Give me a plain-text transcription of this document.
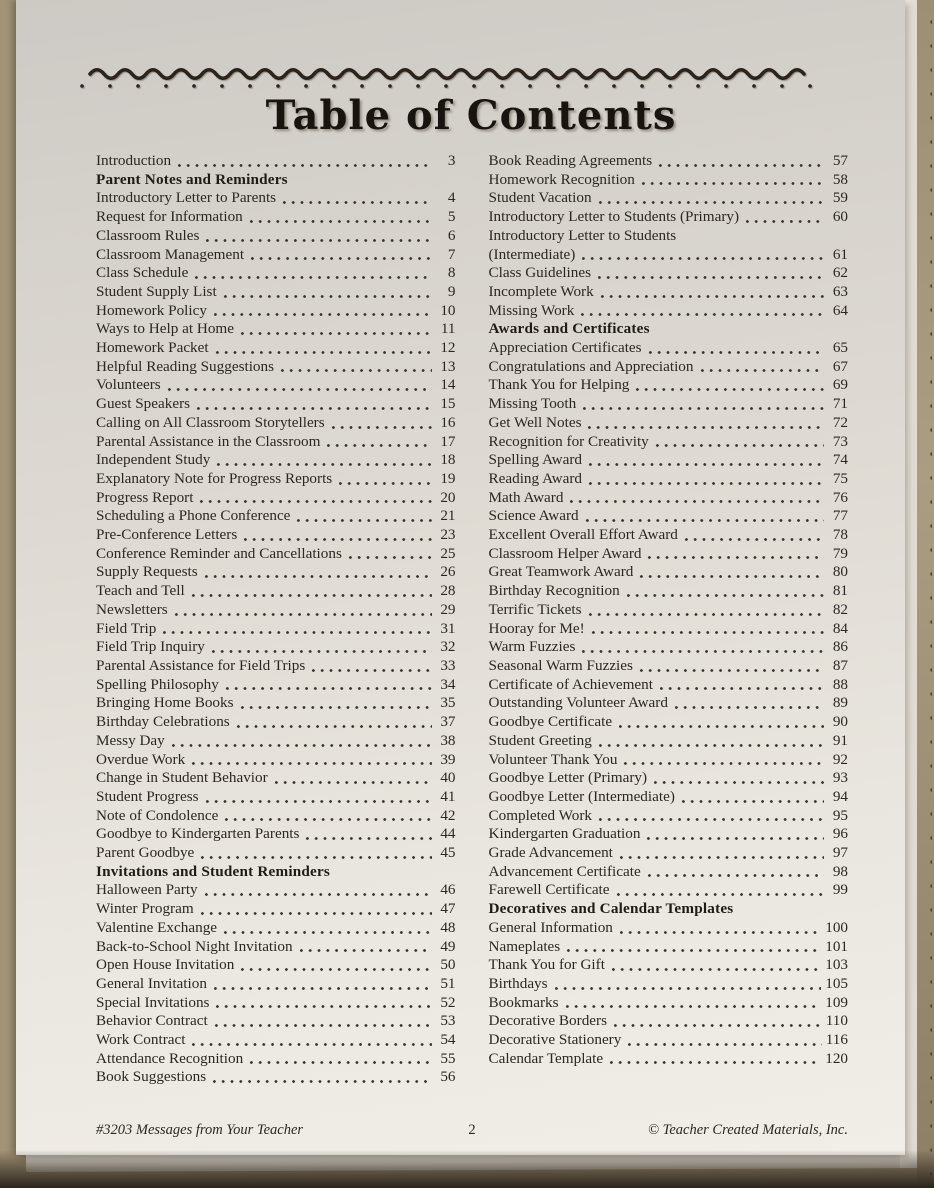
Table of Contents
Introduction	3
Parent Notes and Reminders
Introductory Letter to Parents	4
Request for Information	5
Classroom Rules	6
Classroom Management	7
Class Schedule	8
Student Supply List	9
Homework Policy	10
Ways to Help at Home	11
Homework Packet	12
Helpful Reading Suggestions	13
Volunteers	14
Guest Speakers	15
Calling on All Classroom Storytellers	16
Parental Assistance in the Classroom	17
Independent Study	18
Explanatory Note for Progress Reports	19
Progress Report	20
Scheduling a Phone Conference	21
Pre-Conference Letters	23
Conference Reminder and Cancellations	25
Supply Requests	26
Teach and Tell	28
Newsletters	29
Field Trip	31
Field Trip Inquiry	32
Parental Assistance for Field Trips	33
Spelling Philosophy	34
Bringing Home Books	35
Birthday Celebrations	37
Messy Day	38
Overdue Work	39
Change in Student Behavior	40
Student Progress	41
Note of Condolence	42
Goodbye to Kindergarten Parents	44
Parent Goodbye	45
Invitations and Student Reminders
Halloween Party	46
Winter Program	47
Valentine Exchange	48
Back-to-School Night Invitation	49
Open House Invitation	50
General Invitation	51
Special Invitations	52
Behavior Contract	53
Work Contract	54
Attendance Recognition	55
Book Suggestions	56
Book Reading Agreements	57
Homework Recognition	58
Student Vacation	59
Introductory Letter to Students (Primary)	60
Introductory Letter to Students
(Intermediate)	61
Class Guidelines	62
Incomplete Work	63
Missing Work	64
Awards and Certificates
Appreciation Certificates	65
Congratulations and Appreciation	67
Thank You for Helping	69
Missing Tooth	71
Get Well Notes	72
Recognition for Creativity	73
Spelling Award	74
Reading Award	75
Math Award	76
Science Award	77
Excellent Overall Effort Award	78
Classroom Helper Award	79
Great Teamwork Award	80
Birthday Recognition	81
Terrific Tickets	82
Hooray for Me!	84
Warm Fuzzies	86
Seasonal Warm Fuzzies	87
Certificate of Achievement	88
Outstanding Volunteer Award	89
Goodbye Certificate	90
Student Greeting	91
Volunteer Thank You	92
Goodbye Letter (Primary)	93
Goodbye Letter (Intermediate)	94
Completed Work	95
Kindergarten Graduation	96
Grade Advancement	97
Advancement Certificate	98
Farewell Certificate	99
Decoratives and Calendar Templates
General Information	100
Nameplates	101
Thank You for Gift	103
Birthdays	105
Bookmarks	109
Decorative Borders	110
Decorative Stationery	116
Calendar Template	120
#3203 Messages from Your Teacher	2	© Teacher Created Materials, Inc.
